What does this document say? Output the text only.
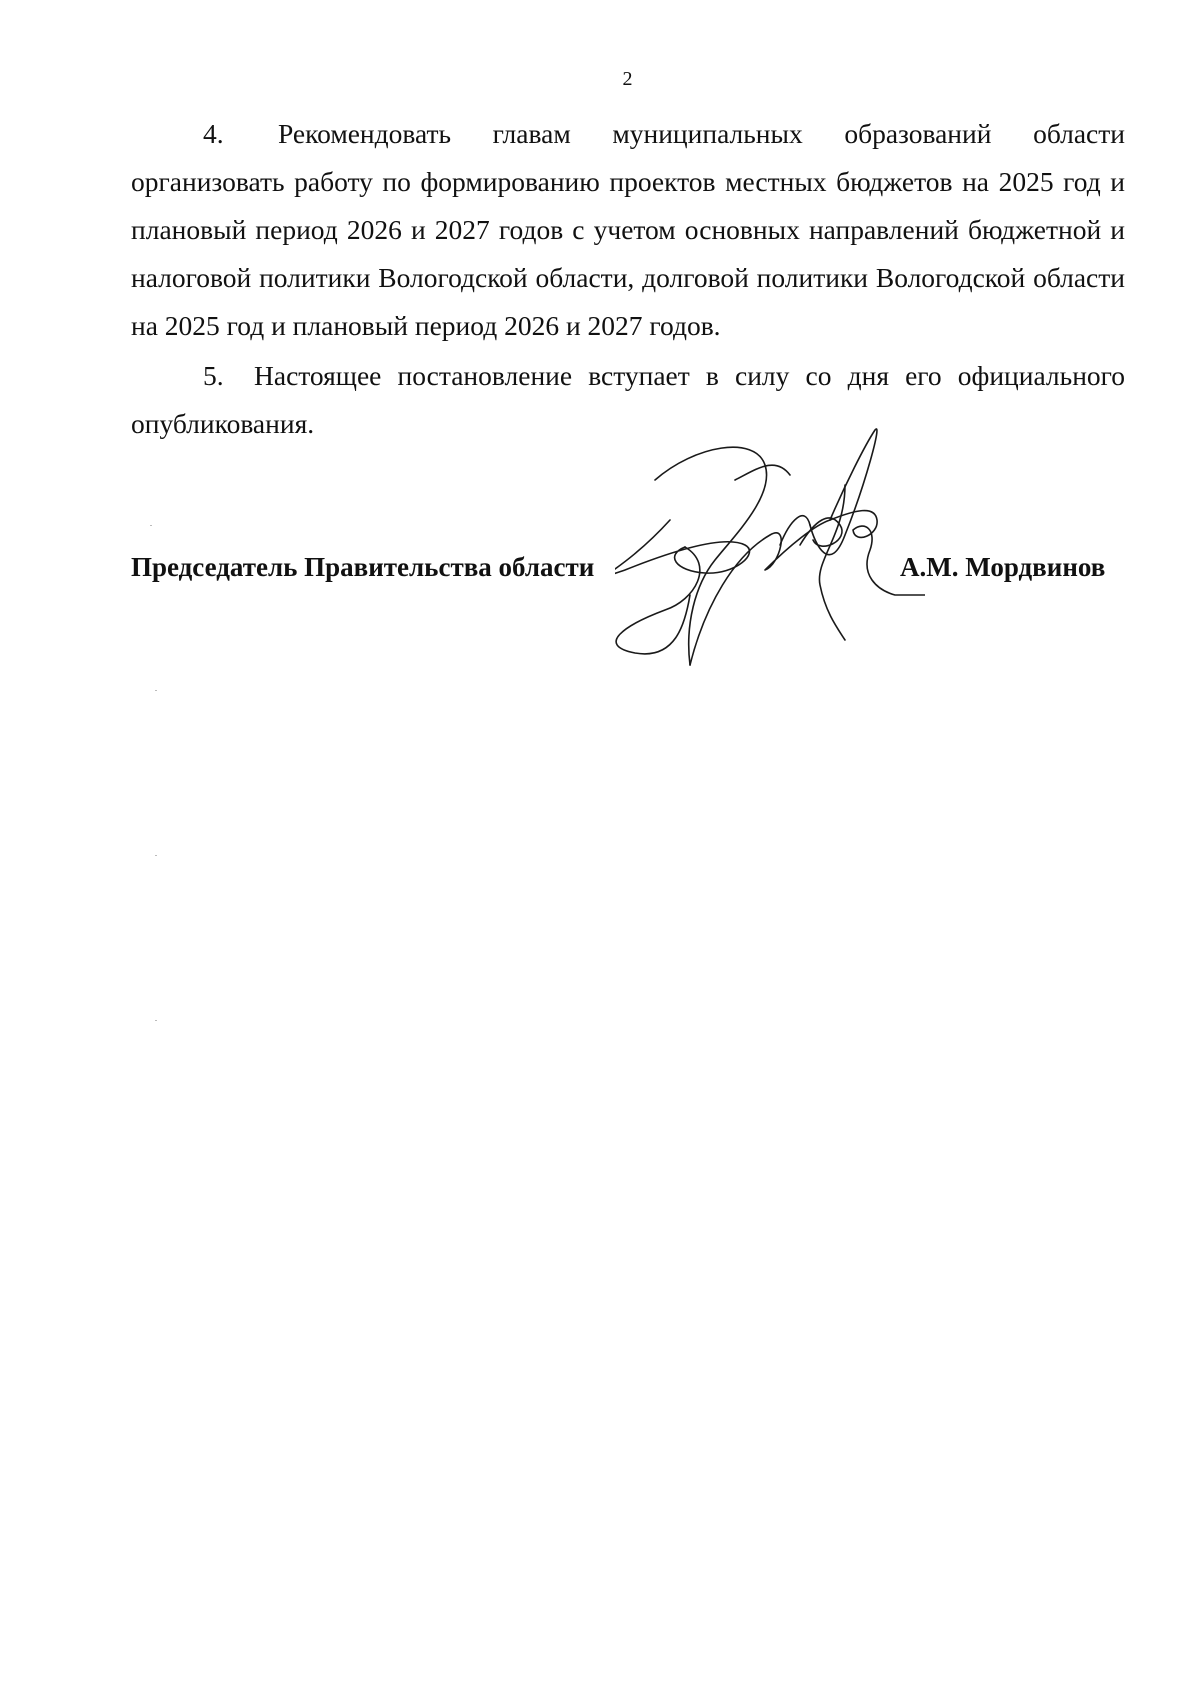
2

4. Рекомендовать главам муниципальных образований области организовать работу по формированию проектов местных бюджетов на 2025 год и плановый период 2026 и 2027 годов с учетом основных направлений бюджетной и налоговой политики Вологодской области, долговой политики Вологодской области на 2025 год и плановый период 2026 и 2027 годов.

5. Настоящее постановление вступает в силу со дня его официального опубликования.

Председатель Правительства области	А.М. Мордвинов
